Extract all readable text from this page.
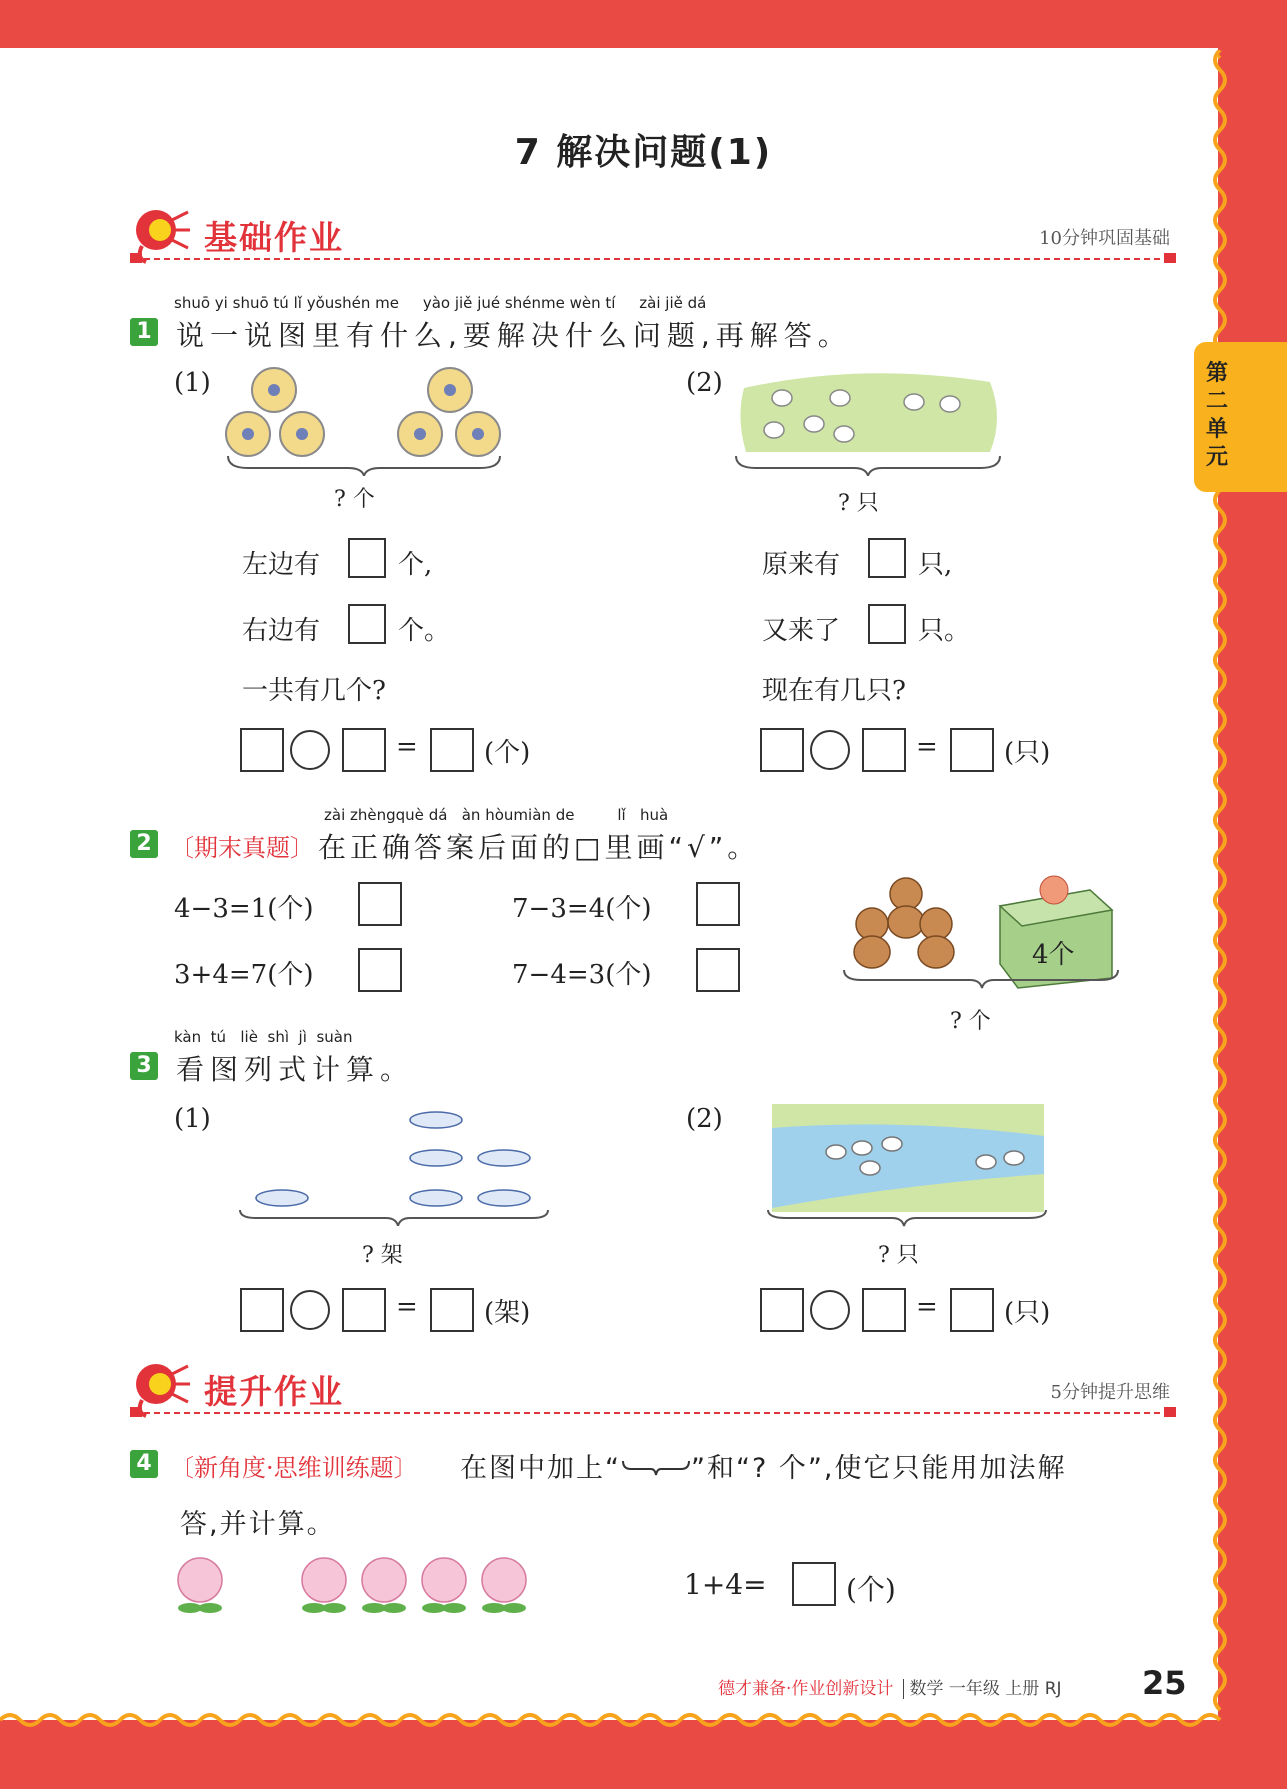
第二单元
7 解决问题(1)
基础作业	10分钟巩固基础
1
shuō yi shuō tú lǐ yǒushén me yào jiě jué shénme wèn tí zài jiě dá
说一说图里有什么,要解决什么问题,再解答。
(1)
? 个
左边有	个,
右边有	个。
一共有几个?
=	(个)
(2)
? 只
原来有	只,
又来了	只。
现在有几只?
=	(只)
2
zài zhèngquè dá àn hòumiàn de	lǐ huà
〔期末真题〕 在正确答案后面的□里画“√”。
4−3=1(个)	7−3=4(个)
3+4=7(个)	7−4=3(个)
4个
? 个
3
kàn tú liè shì jì suàn
看图列式计算。
(1)
? 架
=	(架)
(2)
? 只
=	(只)
提升作业	5分钟提升思维
4 〔新角度·思维训练题〕 在图中加上“	”和“? 个”,使它只能用加法解
答,并计算。
1+4=	(个)
德才兼备·作业创新设计 数学 一年级 上册 RJ	25
